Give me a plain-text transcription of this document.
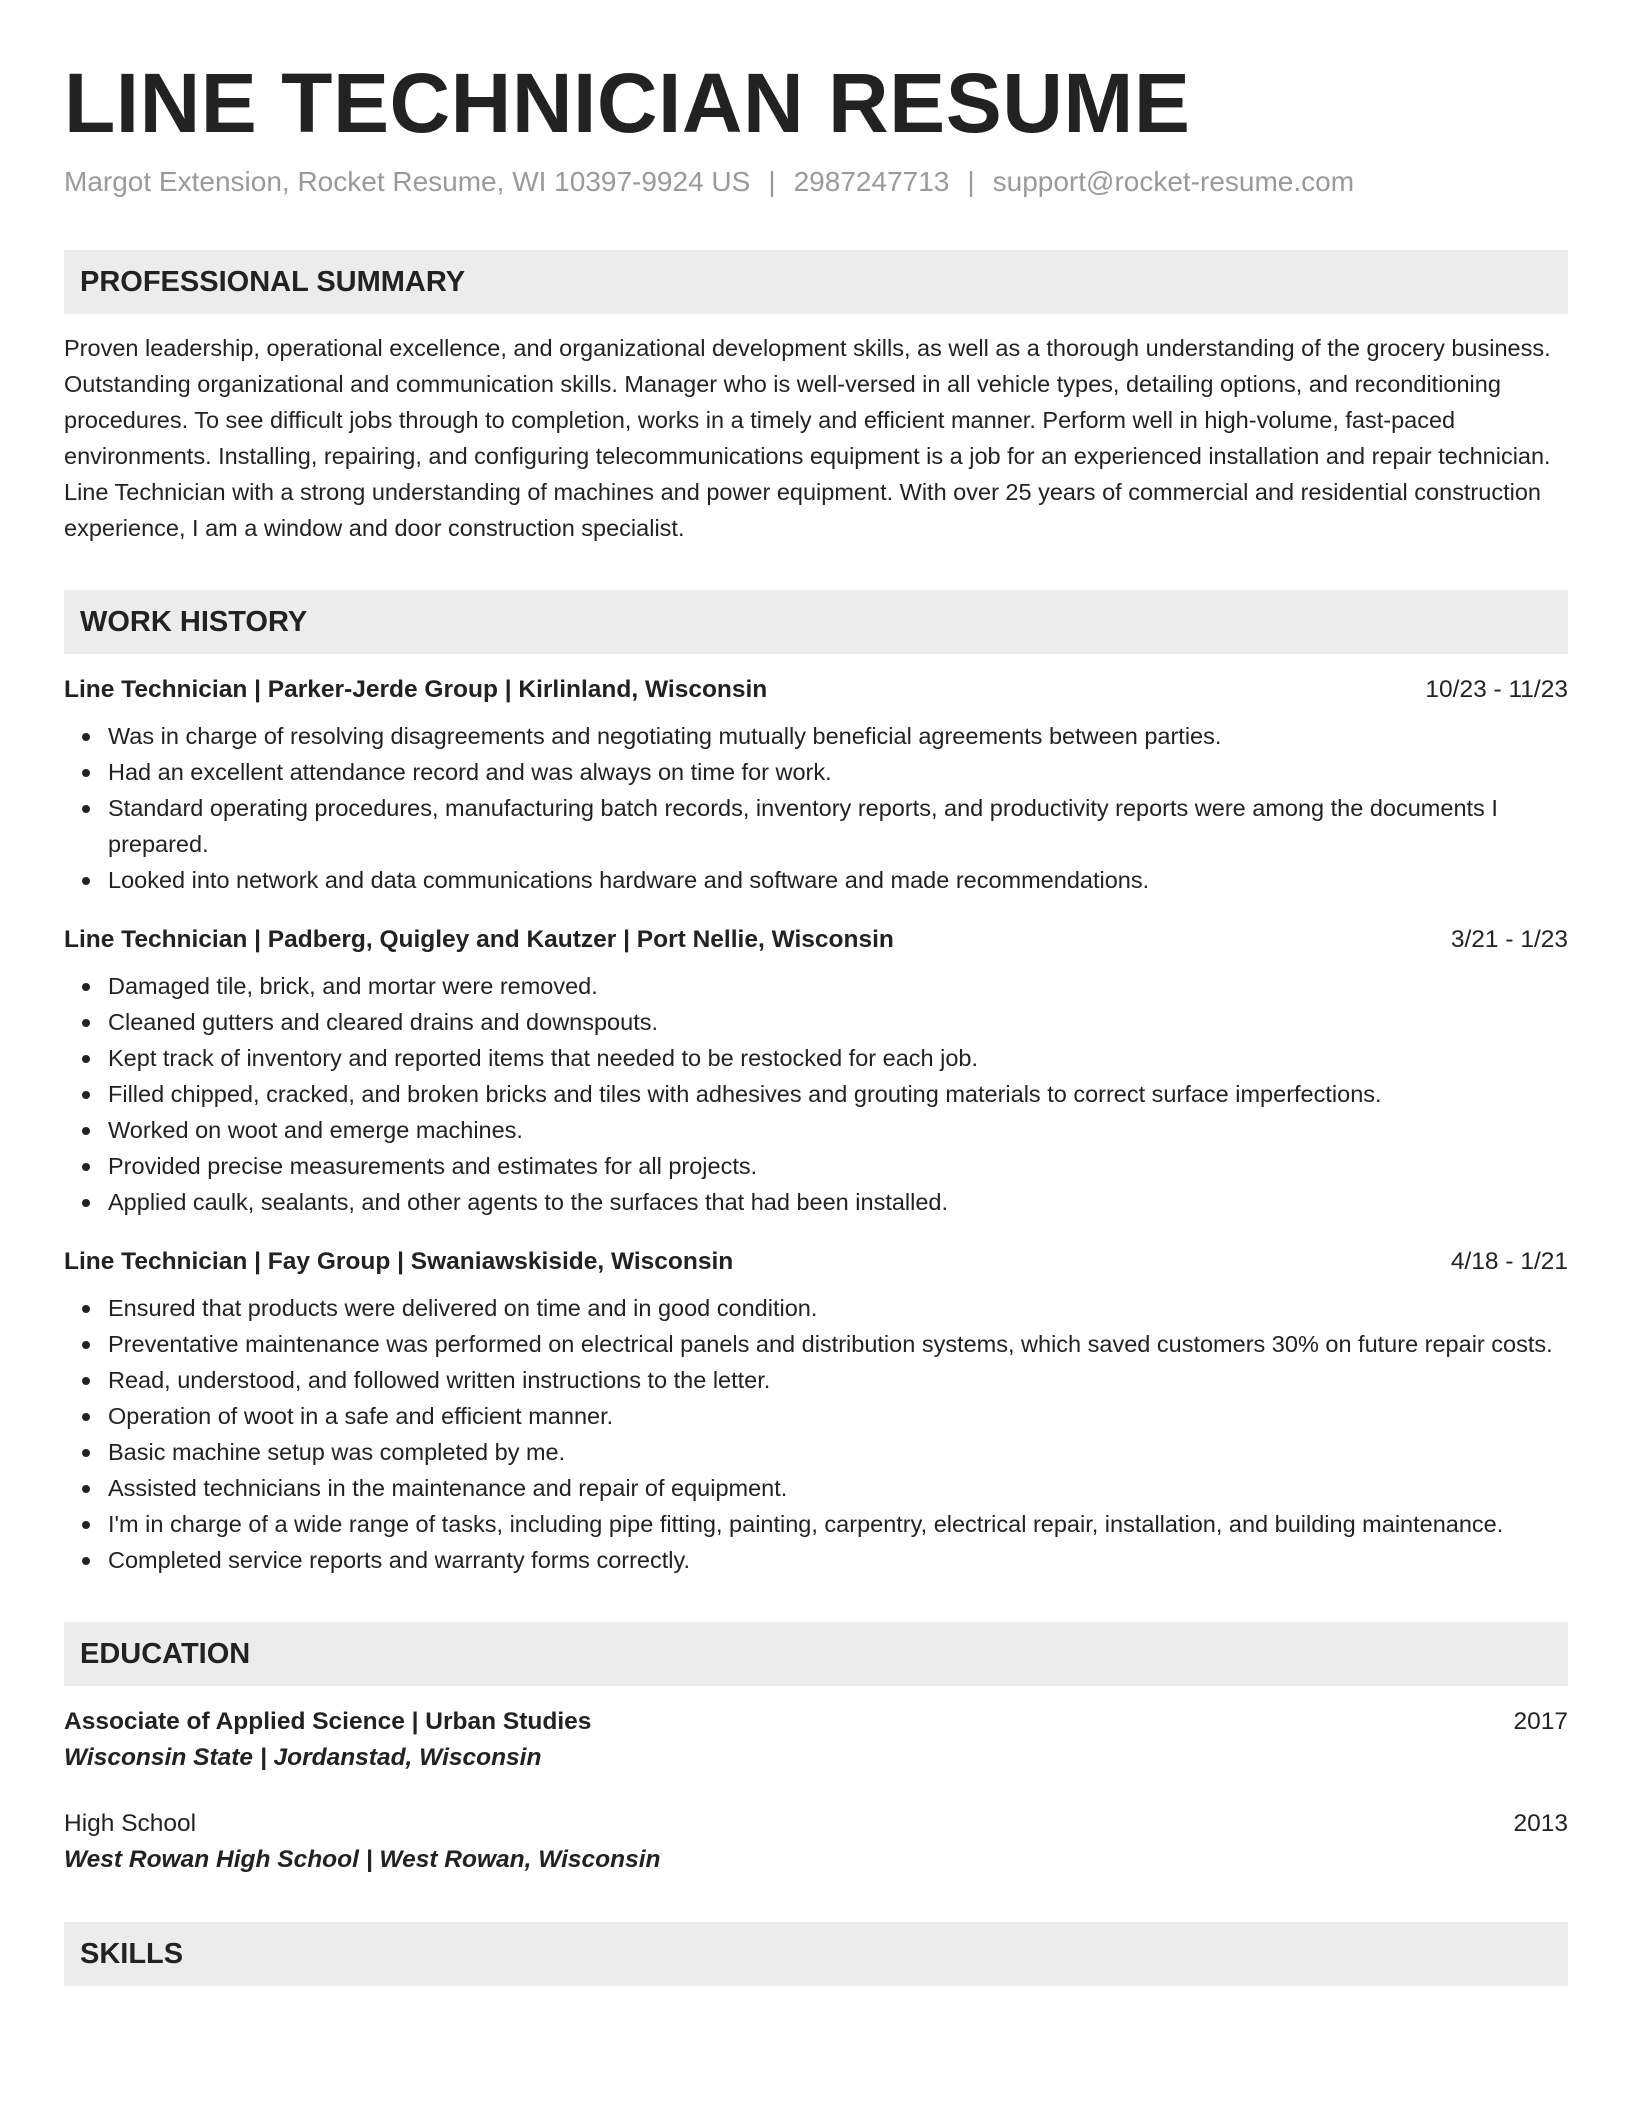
LINE TECHNICIAN RESUME
Margot Extension, Rocket Resume, WI 10397-9924 US | 2987247713 | support@rocket-resume.com
PROFESSIONAL SUMMARY
Proven leadership, operational excellence, and organizational development skills, as well as a thorough understanding of the grocery business. Outstanding organizational and communication skills. Manager who is well-versed in all vehicle types, detailing options, and reconditioning procedures. To see difficult jobs through to completion, works in a timely and efficient manner. Perform well in high-volume, fast-paced environments. Installing, repairing, and configuring telecommunications equipment is a job for an experienced installation and repair technician. Line Technician with a strong understanding of machines and power equipment. With over 25 years of commercial and residential construction experience, I am a window and door construction specialist.
WORK HISTORY
Line Technician | Parker-Jerde Group | Kirlinland, Wisconsin	10/23 - 11/23
Was in charge of resolving disagreements and negotiating mutually beneficial agreements between parties.
Had an excellent attendance record and was always on time for work.
Standard operating procedures, manufacturing batch records, inventory reports, and productivity reports were among the documents I prepared.
Looked into network and data communications hardware and software and made recommendations.
Line Technician | Padberg, Quigley and Kautzer | Port Nellie, Wisconsin	3/21 - 1/23
Damaged tile, brick, and mortar were removed.
Cleaned gutters and cleared drains and downspouts.
Kept track of inventory and reported items that needed to be restocked for each job.
Filled chipped, cracked, and broken bricks and tiles with adhesives and grouting materials to correct surface imperfections.
Worked on woot and emerge machines.
Provided precise measurements and estimates for all projects.
Applied caulk, sealants, and other agents to the surfaces that had been installed.
Line Technician | Fay Group | Swaniawskiside, Wisconsin	4/18 - 1/21
Ensured that products were delivered on time and in good condition.
Preventative maintenance was performed on electrical panels and distribution systems, which saved customers 30% on future repair costs.
Read, understood, and followed written instructions to the letter.
Operation of woot in a safe and efficient manner.
Basic machine setup was completed by me.
Assisted technicians in the maintenance and repair of equipment.
I'm in charge of a wide range of tasks, including pipe fitting, painting, carpentry, electrical repair, installation, and building maintenance.
Completed service reports and warranty forms correctly.
EDUCATION
Associate of Applied Science | Urban Studies	2017
Wisconsin State | Jordanstad, Wisconsin
High School	2013
West Rowan High School | West Rowan, Wisconsin
SKILLS
